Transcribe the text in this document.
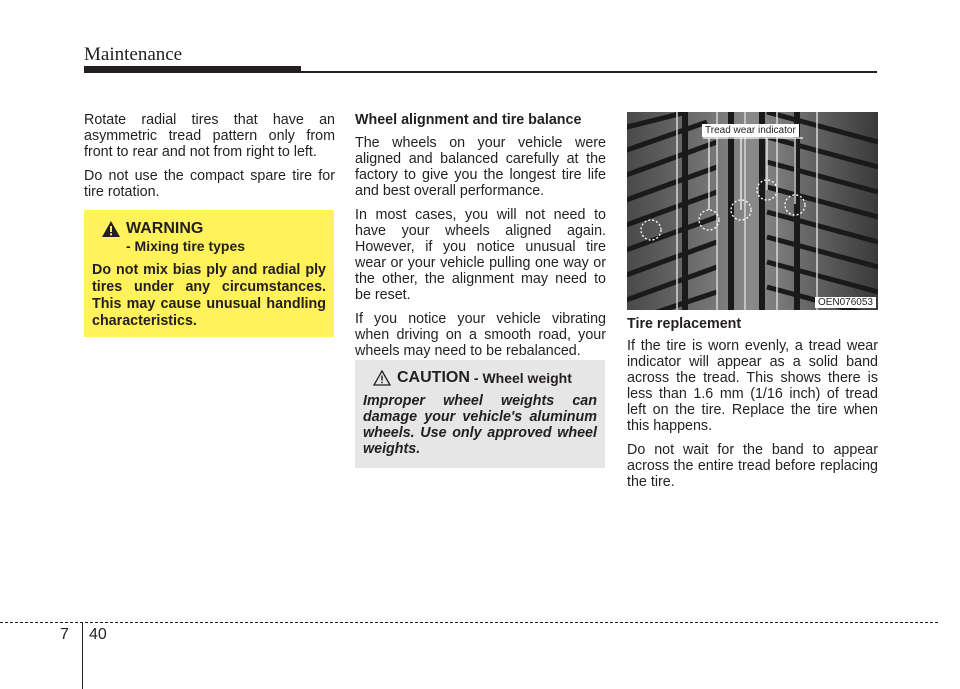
Maintenance

Rotate radial tires that have an asymmetric tread pattern only from front to rear and not from right to left.

Do not use the compact spare tire for tire rotation.

WARNING
- Mixing tire types
Do not mix bias ply and radial ply tires under any circumstances. This may cause unusual handling characteristics.
Wheel alignment and tire balance

The wheels on your vehicle were aligned and balanced carefully at the factory to give you the longest tire life and best overall performance.

In most cases, you will not need to have your wheels aligned again. However, if you notice unusual tire wear or your vehicle pulling one way or the other, the alignment may need to be reset.

If you notice your vehicle vibrating when driving on a smooth road, your wheels may need to be rebalanced.

CAUTION - Wheel weight
Improper wheel weights can damage your vehicle's aluminum wheels. Use only approved wheel weights.
Tread wear indicator
OEN076053
Tire replacement

If the tire is worn evenly, a tread wear indicator will appear as a solid band across the tread. This shows there is less than 1.6 mm (1/16 inch) of tread left on the tire. Replace the tire when this happens.

Do not wait for the band to appear across the entire tread before replacing the tire.

7 40
